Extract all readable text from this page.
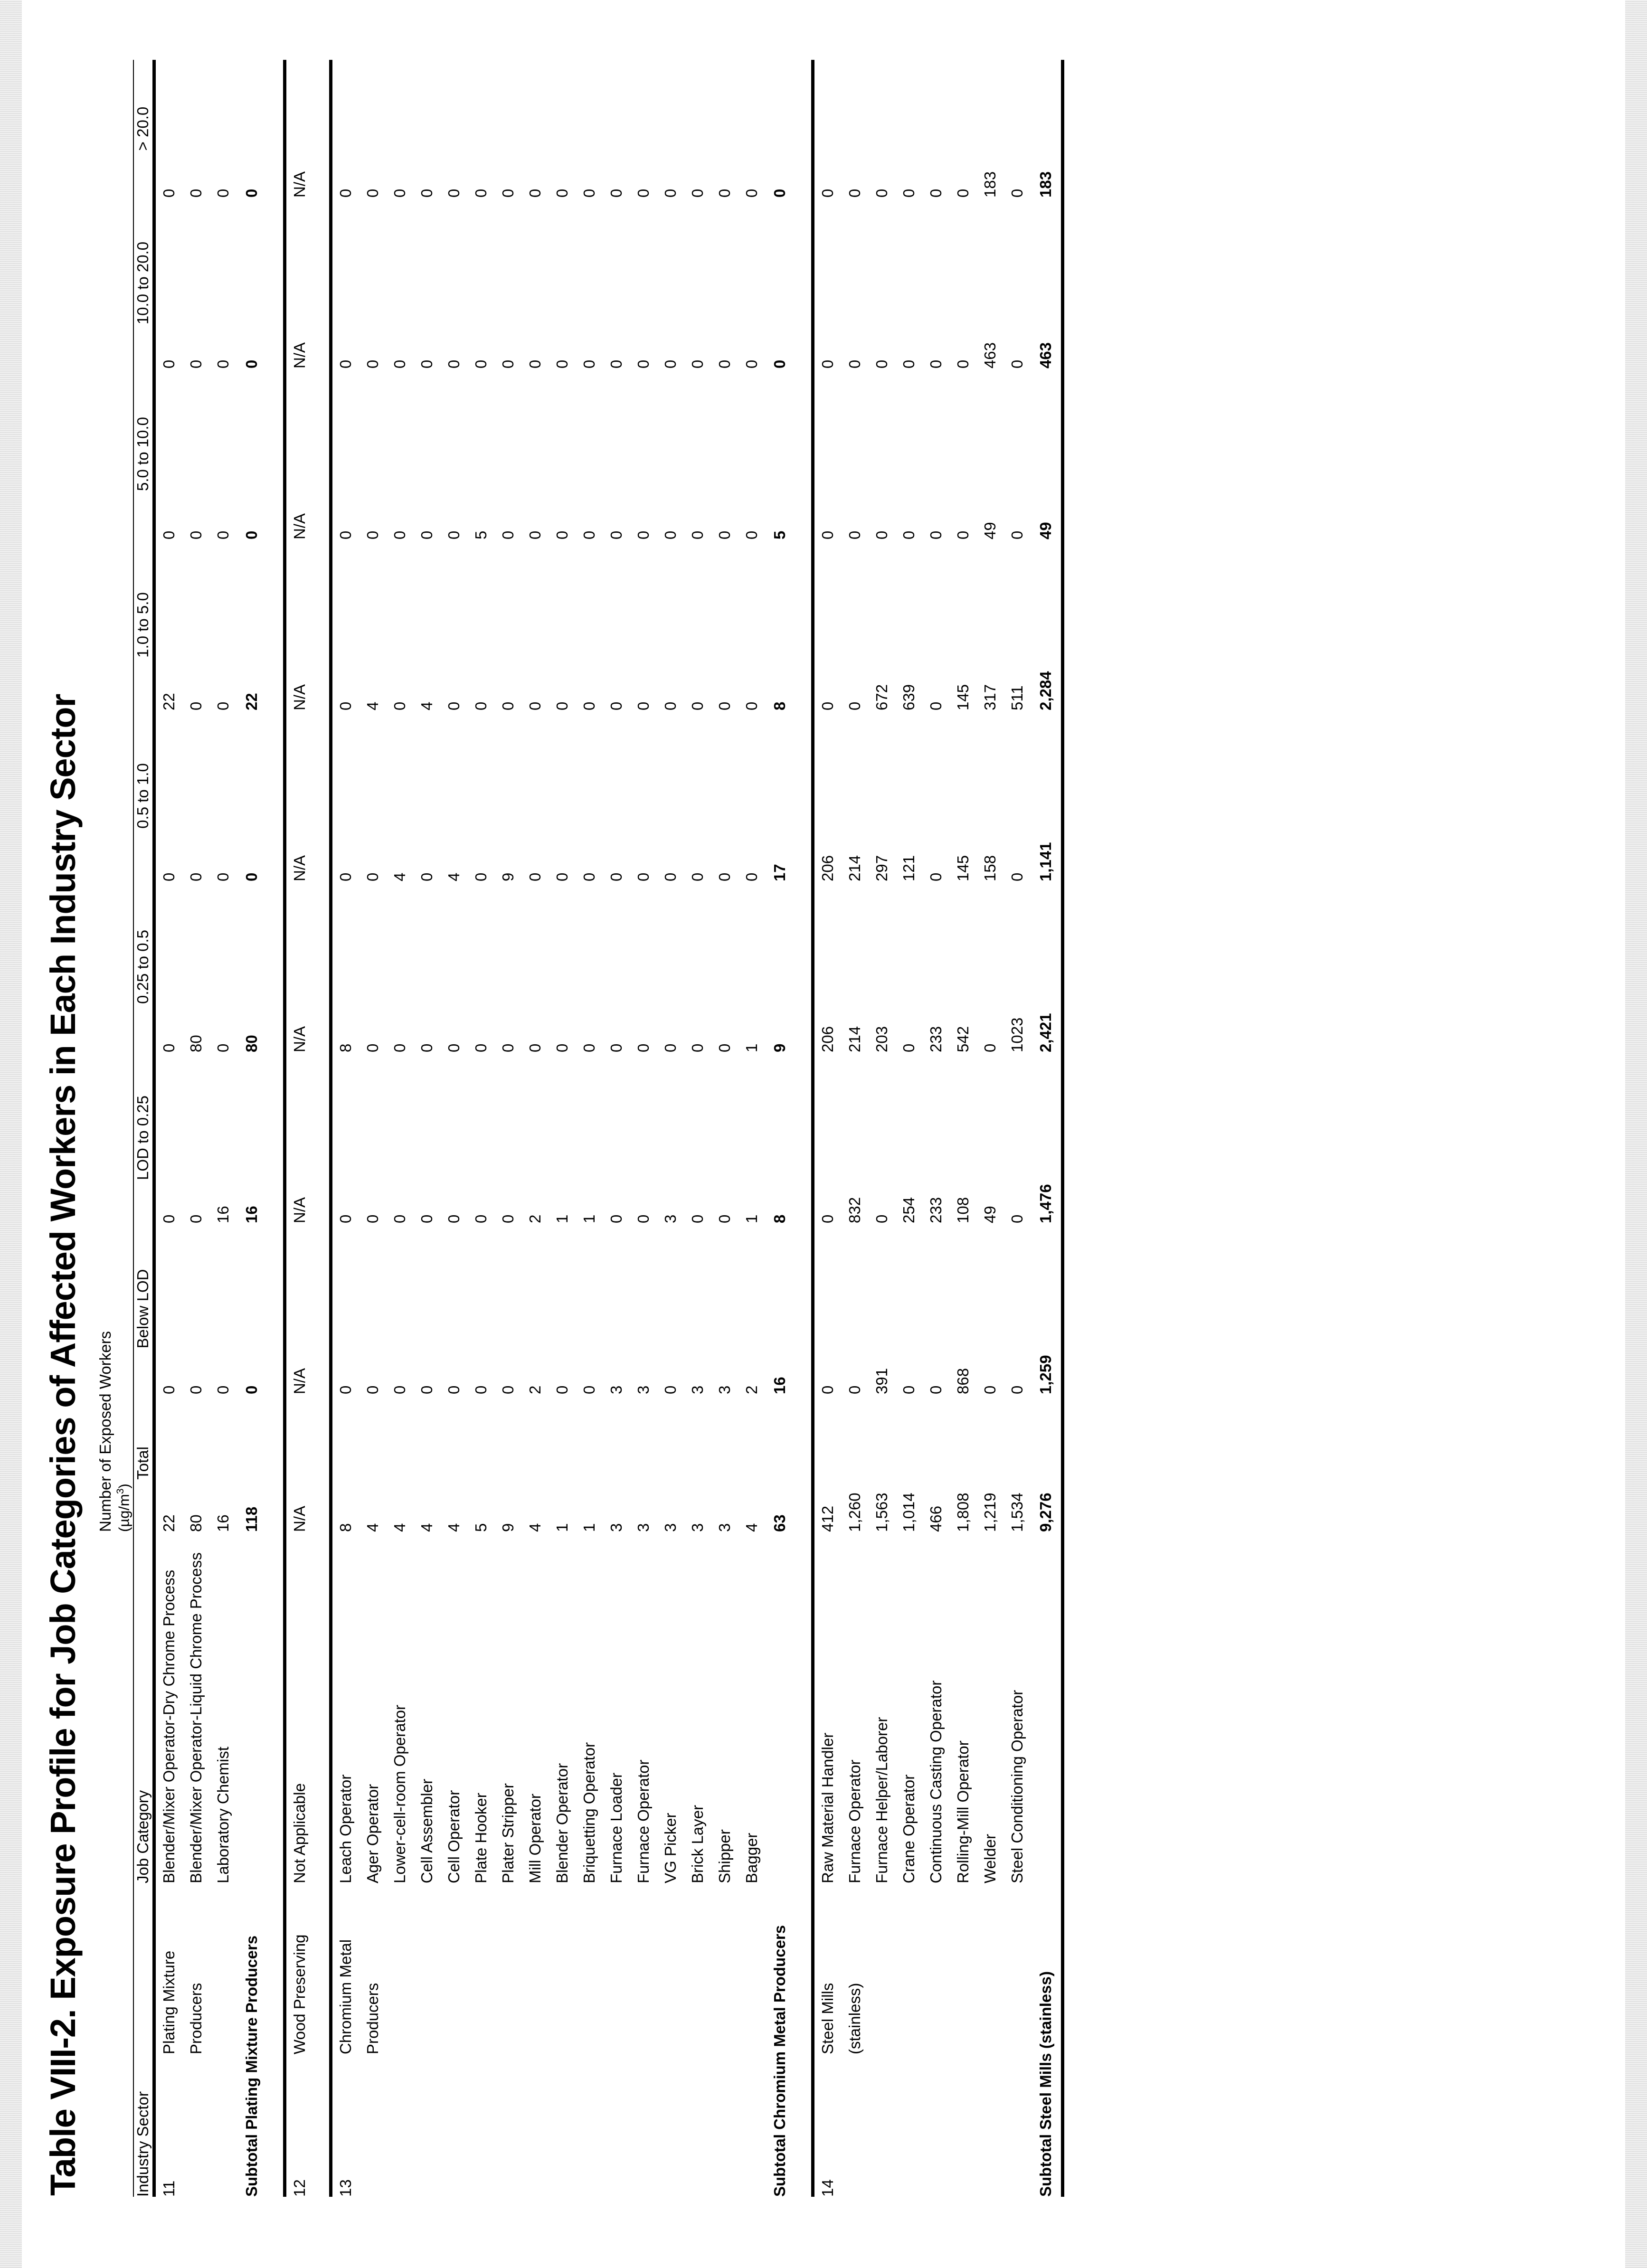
Table VIII-2. Exposure Profile for Job Categories of Affected Workers in Each Industry Sector
			Number of Exposed Workers								
			$(\mu g/m^3)$								

Industry Sector		Job Category	Total	Below LOD	LOD to 0.25	0.25 to 0.5	0.5 to 1.0	1.0 to 5.0	5.0 to 10.0	10.0 to 20.0	> 20.0

11	Plating Mixture	Blender/Mixer Operator-Dry Chrome Process	22	0	0	0	0	22	0	0	0
	Producers	Blender/Mixer Operator-Liquid Chrome Process	80	0	0	80	0	0	0	0	0
		Laboratory Chemist	16	0	16	0	0	0	0	0	0
Subtotal Plating Mixture Producers			118	0	16	80	0	22	0	0	0

12	Wood Preserving	Not Applicable	N/A	N/A	N/A	N/A	N/A	N/A	N/A	N/A	N/A

13	Chromium Metal	Leach Operator	8	0	0	8	0	0	0	0	0
	Producers	Ager Operator	4	0	0	0	0	4	0	0	0
		Lower-cell-room Operator	4	0	0	0	4	0	0	0	0
		Cell Assembler	4	0	0	0	0	4	0	0	0
		Cell Operator	4	0	0	0	4	0	0	0	0
		Plate Hooker	5	0	0	0	0	0	5	0	0
		Plater Stripper	9	0	0	0	9	0	0	0	0
		Mill Operator	4	2	2	0	0	0	0	0	0
		Blender Operator	1	0	1	0	0	0	0	0	0
		Briquetting Operator	1	0	1	0	0	0	0	0	0
		Furnace Loader	3	3	0	0	0	0	0	0	0
		Furnace Operator	3	3	0	0	0	0	0	0	0
		VG Picker	3	0	3	0	0	0	0	0	0
		Brick Layer	3	3	0	0	0	0	0	0	0
		Shipper	3	3	0	0	0	0	0	0	0
		Bagger	4	2	1	1	0	0	0	0	0
Subtotal Chromium Metal Producers			63	16	8	9	17	8	5	0	0

14	Steel Mills	Raw Material Handler	412	0	0	206	206	0	0	0	0
	(stainless)	Furnace Operator	1,260	0	832	214	214	0	0	0	0
		Furnace Helper/Laborer	1,563	391	0	203	297	672	0	0	0
		Crane Operator	1,014	0	254	0	121	639	0	0	0
		Continuous Casting Operator	466	0	233	233	0	0	0	0	0
		Rolling-Mill Operator	1,808	868	108	542	145	145	0	0	0
		Welder	1,219	0	49	0	158	317	49	463	183
		Steel Conditioning Operator	1,534	0	0	1023	0	511	0	0	0
Subtotal Steel Mills (stainless)			9,276	1,259	1,476	2,421	1,141	2,284	49	463	183
